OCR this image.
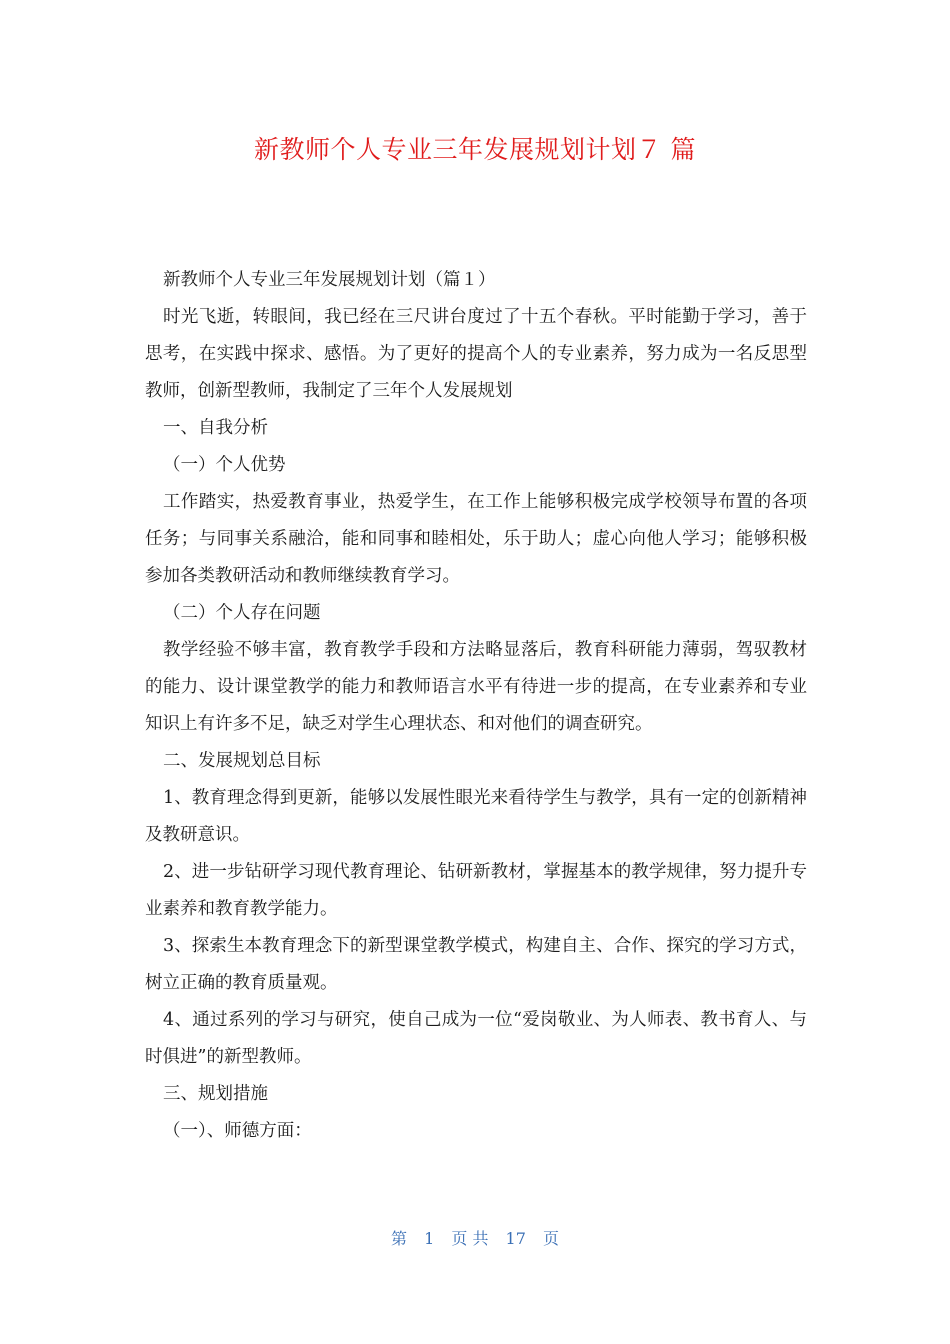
新教师个人专业三年发展规划计划７ 篇

新教师个人专业三年发展规划计划（篇１）

时光飞逝，转眼间，我已经在三尺讲台度过了十五个春秋。平时能勤于学习，善于思考，在实践中探求、感悟。为了更好的提高个人的专业素养，努力成为一名反思型教师，创新型教师，我制定了三年个人发展规划

一、自我分析

（一）个人优势

工作踏实，热爱教育事业，热爱学生，在工作上能够积极完成学校领导布置的各项任务；与同事关系融洽，能和同事和睦相处，乐于助人；虚心向他人学习；能够积极参加各类教研活动和教师继续教育学习。

（二）个人存在问题

教学经验不够丰富，教育教学手段和方法略显落后，教育科研能力薄弱，驾驭教材的能力、设计课堂教学的能力和教师语言水平有待进一步的提高，在专业素养和专业知识上有许多不足，缺乏对学生心理状态、和对他们的调查研究。

二、发展规划总目标

1、教育理念得到更新，能够以发展性眼光来看待学生与教学，具有一定的创新精神及教研意识。

2、进一步钻研学习现代教育理论、钻研新教材，掌握基本的教学规律，努力提升专业素养和教育教学能力。

3、探索生本教育理念下的新型课堂教学模式，构建自主、合作、探究的学习方式，树立正确的教育质量观。

4、通过系列的学习与研究，使自己成为一位“爱岗敬业、为人师表、教书育人、与时俱进”的新型教师。

三、规划措施

（一）、师德方面：

第 1 页 共 17 页
